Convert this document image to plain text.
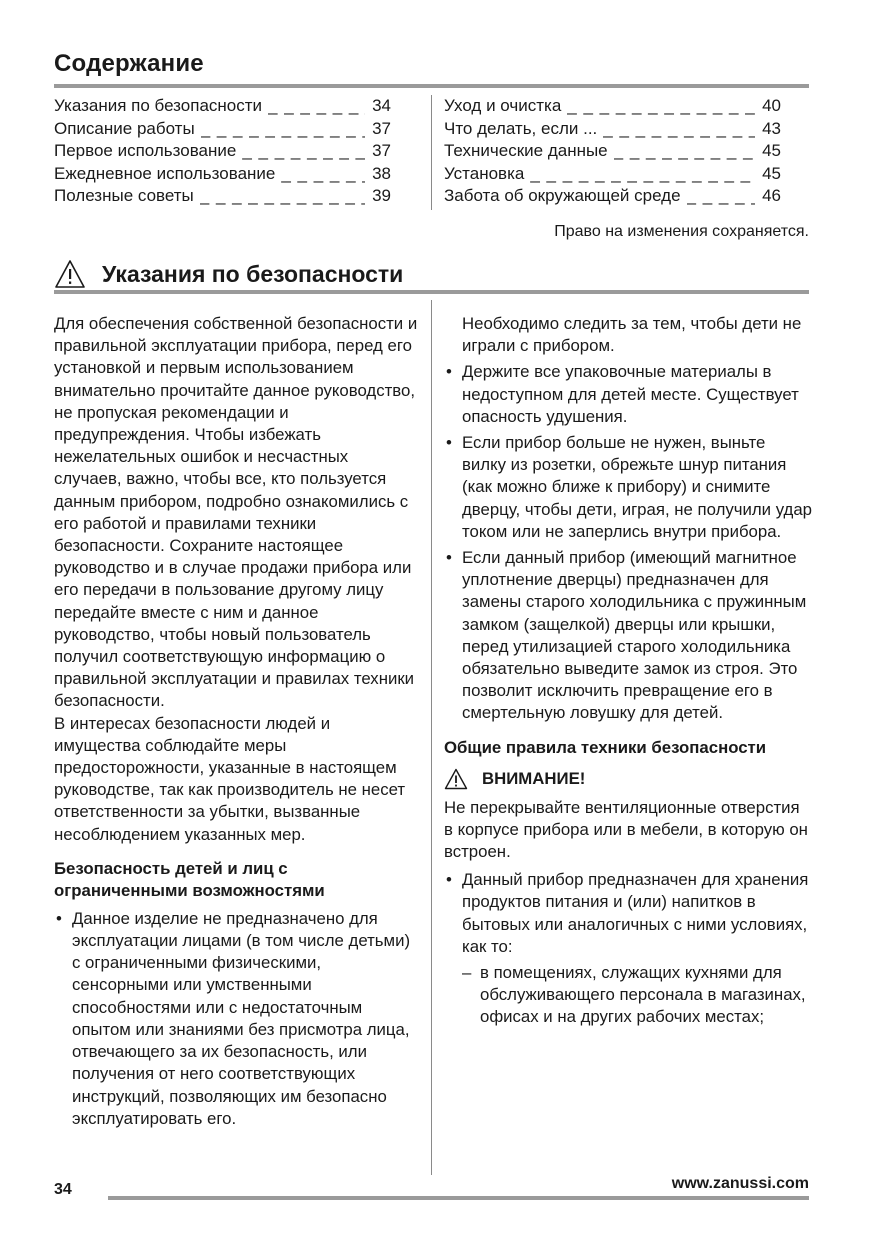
Содержание
Указания по безопасности _ _ _	34
Описание работы _ _ _	37
Первое использование _ _ _	37
Ежедневное использование _ _ _	38
Полезные советы _ _ _	39
Уход и очистка _ _ _	40
Что делать, если ... _ _ _	43
Технические данные _ _ _	45
Установка _ _ _	45
Забота об окружающей среде _ _ _	46
Право на изменения сохраняется.
Указания по безопасности

Для обеспечения собственной безопасности и правильной эксплуатации прибора, перед его установкой и первым использованием внимательно прочитайте данное руководство, не пропуская рекомендации и предупреждения. Чтобы избежать нежелательных ошибок и несчастных случаев, важно, чтобы все, кто пользуется данным прибором, подробно ознакомились с его работой и правилами техники безопасности. Сохраните настоящее руководство и в случае продажи прибора или его передачи в пользование другому лицу передайте вместе с ним и данное руководство, чтобы новый пользователь получил соответствующую информацию о правильной эксплуатации и правилах техники безопасности.

В интересах безопасности людей и имущества соблюдайте меры предосторожности, указанные в настоящем руководстве, так как производитель не несет ответственности за убытки, вызванные несоблюдением указанных мер.

Безопасность детей и лиц с ограниченными возможностями
• Данное изделие не предназначено для эксплуатации лицами (в том числе детьми) с ограниченными физическими, сенсорными или умственными способностями или с недостаточным опытом или знаниями без присмотра лица, отвечающего за их безопасность, или получения от него соответствующих инструкций, позволяющих им безопасно эксплуатировать его.

Необходимо следить за тем, чтобы дети не играли с прибором.

• Держите все упаковочные материалы в недоступном для детей месте. Существует опасность удушения.
• Если прибор больше не нужен, выньте вилку из розетки, обрежьте шнур питания (как можно ближе к прибору) и снимите дверцу, чтобы дети, играя, не получили удар током или не заперлись внутри прибора.
• Если данный прибор (имеющий магнитное уплотнение дверцы) предназначен для замены старого холодильника с пружинным замком (защелкой) дверцы или крышки, перед утилизацией старого холодильника обязательно выведите замок из строя. Это позволит исключить превращение его в смертельную ловушку для детей.
Общие правила техники безопасности
ВНИМАНИЕ!

Не перекрывайте вентиляционные отверстия в корпусе прибора или в мебели, в которую он встроен.

• Данный прибор предназначен для хранения продуктов питания и (или) напитков в бытовых или аналогичных с ними условиях, как то:
– в помещениях, служащих кухнями для обслуживающего персонала в магазинах, офисах и на других рабочих местах;
34	www.zanussi.com
